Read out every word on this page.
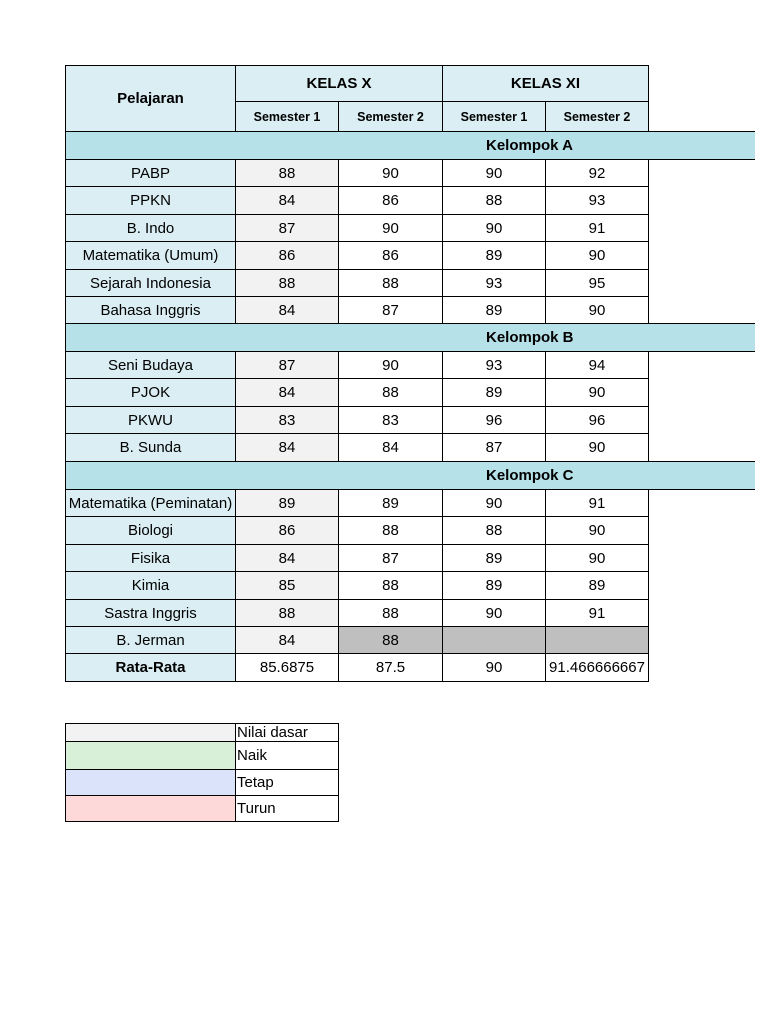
Pelajaran
KELAS X	KELAS XI
Semester 1	Semester 2	Semester 1	Semester 2
Kelompok A
PABP	88	90	90	92
PPKN	84	86	88	93
B. Indo	87	90	90	91
Matematika (Umum)	86	86	89	90
Sejarah Indonesia	88	88	93	95
Bahasa Inggris	84	87	89	90
Kelompok B
Seni Budaya	87	90	93	94
PJOK	84	88	89	90
PKWU	83	83	96	96
B. Sunda	84	84	87	90
Kelompok C
Matematika (Peminatan)	89	89	90	91
Biologi	86	88	88	90
Fisika	84	87	89	90
Kimia	85	88	89	89
Sastra Inggris	88	88	90	91
B. Jerman	84	88
Rata-Rata	85.6875	87.5	90	91.466666667
Nilai dasar
Naik
Tetap
Turun
